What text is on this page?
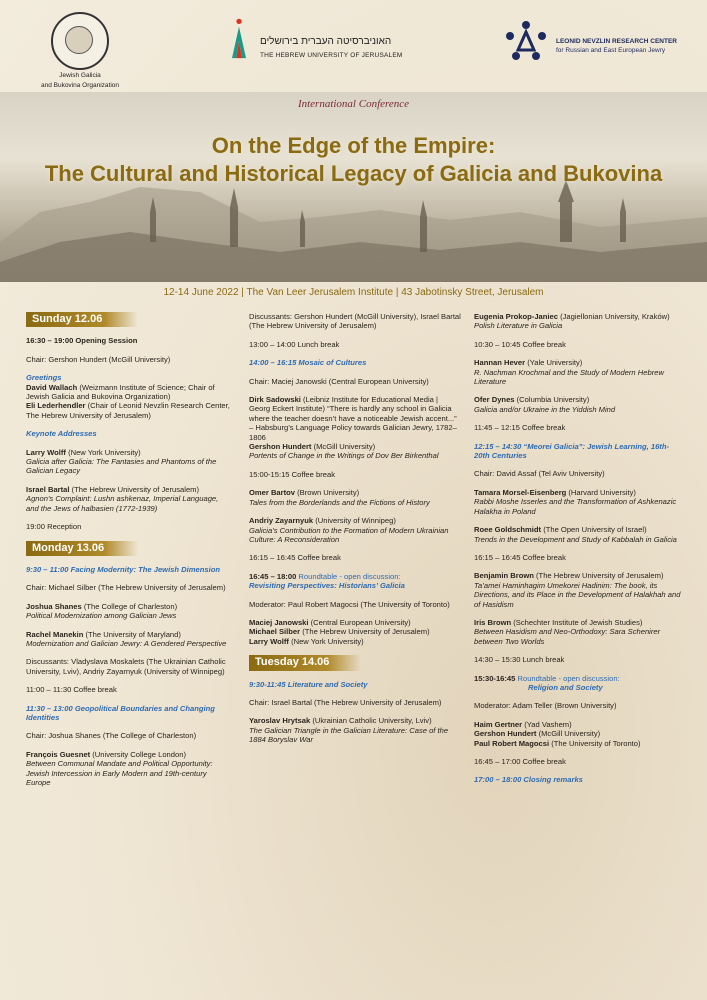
Jewish Galicia
and Bukovina Organization
האוניברסיטה העברית בירושלים
THE HEBREW UNIVERSITY OF JERUSALEM
LEONID NEVZLIN RESEARCH CENTER
for Russian and East European Jewry
International Conference
On the Edge of the Empire:
The Cultural and Historical Legacy of Galicia and Bukovina
12-14 June 2022 | The Van Leer Jerusalem Institute | 43 Jabotinsky Street, Jerusalem
Sunday 12.06
16:30 – 19:00 Opening Session
Chair: Gershon Hundert (McGill University)
Greetings
David Wallach (Weizmann Institute of Science; Chair of Jewish Galicia and Bukovina Organization)
Eli Lederhendler (Chair of Leonid Nevzlin Research Center, The Hebrew University of Jerusalem)
Keynote Addresses
Larry Wolff (New York University)
Galicia after Galicia: The Fantasies and Phantoms of the Galician Legacy
Israel Bartal (The Hebrew University of Jerusalem)
Agnon's Complaint: Lushn ashkenaz, Imperial Language, and the Jews of halbasien (1772-1939)
19:00 Reception
Monday 13.06
9:30 – 11:00 Facing Modernity: The Jewish Dimension
Chair: Michael Silber (The Hebrew University of Jerusalem)
Joshua Shanes (The College of Charleston)
Political Modernization among Galician Jews
Rachel Manekin (The University of Maryland)
Modernization and Galician Jewry: A Gendered Perspective
Discussants: Vladyslava Moskalets (The Ukrainian Catholic University, Lviv), Andriy Zayarnyuk (University of Winnipeg)
11:00 – 11:30 Coffee break
11:30 – 13:00 Geopolitical Boundaries and Changing Identities
Chair: Joshua Shanes (The College of Charleston)
François Guesnet (University College London)
Between Communal Mandate and Political Opportunity: Jewish Intercession in Early Modern and 19th-century Europe
Discussants: Gershon Hundert (McGill University), Israel Bartal (The Hebrew University of Jerusalem)
13:00 – 14:00 Lunch break
14:00 – 16:15 Mosaic of Cultures
Chair: Maciej Janowski (Central European University)
Dirk Sadowski (Leibniz Institute for Educational Media | Georg Eckert Institute) “There is hardly any school in Galicia where the teacher doesn’t have a noticeable Jewish accent...” – Habsburg’s Language Policy towards Galician Jewry, 1782–1806
Gershon Hundert (McGill University)
Portents of Change in the Writings of Dov Ber Birkenthal
15:00-15:15 Coffee break
Omer Bartov (Brown University)
Tales from the Borderlands and the Fictions of History
Andriy Zayarnyuk (University of Winnipeg)
Galicia’s Contribution to the Formation of Modern Ukrainian Culture: A Reconsideration
16:15 – 16:45 Coffee break
16:45 – 18:00 Roundtable - open discussion:
Revisiting Perspectives: Historians’ Galicia
Moderator: Paul Robert Magocsi (The University of Toronto)
Maciej Janowski (Central European University)
Michael Silber (The Hebrew University of Jerusalem)
Larry Wolff (New York University)
Tuesday 14.06
9:30-11:45 Literature and Society
Chair: Israel Bartal (The Hebrew University of Jerusalem)
Yaroslav Hrytsak (Ukrainian Catholic University, Lviv)
The Galician Triangle in the Galician Literature: Case of the 1884 Boryslav War
Eugenia Prokop-Janiec (Jagiellonian University, Kraków)
Polish Literature in Galicia
10:30 – 10:45 Coffee break
Hannan Hever (Yale University)
R. Nachman Krochmal and the Study of Modern Hebrew Literature
Ofer Dynes (Columbia University)
Galicia and/or Ukraine in the Yiddish Mind
11:45 – 12:15 Coffee break
12:15 – 14:30 “Meorei Galicia”: Jewish Learning, 16th-20th Centuries
Chair: David Assaf (Tel Aviv University)
Tamara Morsel-Eisenberg (Harvard University)
Rabbi Moshe Isserles and the Transformation of Ashkenazic Halakha in Poland
Roee Goldschmidt (The Open University of Israel)
Trends in the Development and Study of Kabbalah in Galicia
16:15 – 16:45 Coffee break
Benjamin Brown (The Hebrew University of Jerusalem)
Ta’amei Haminhagim Umekorei Hadinim: The book, its Directions, and its Place in the Development of Halakhah and of Hasidism
Iris Brown (Schechter Institute of Jewish Studies)
Between Hasidism and Neo-Orthodoxy: Sara Schenirer between Two Worlds
14:30 – 15:30 Lunch break
15:30-16:45 Roundtable - open discussion:
Religion and Society
Moderator: Adam Teller (Brown University)
Haim Gertner (Yad Vashem)
Gershon Hundert (McGill University)
Paul Robert Magocsi (The University of Toronto)
16:45 – 17:00 Coffee break
17:00 – 18:00 Closing remarks
